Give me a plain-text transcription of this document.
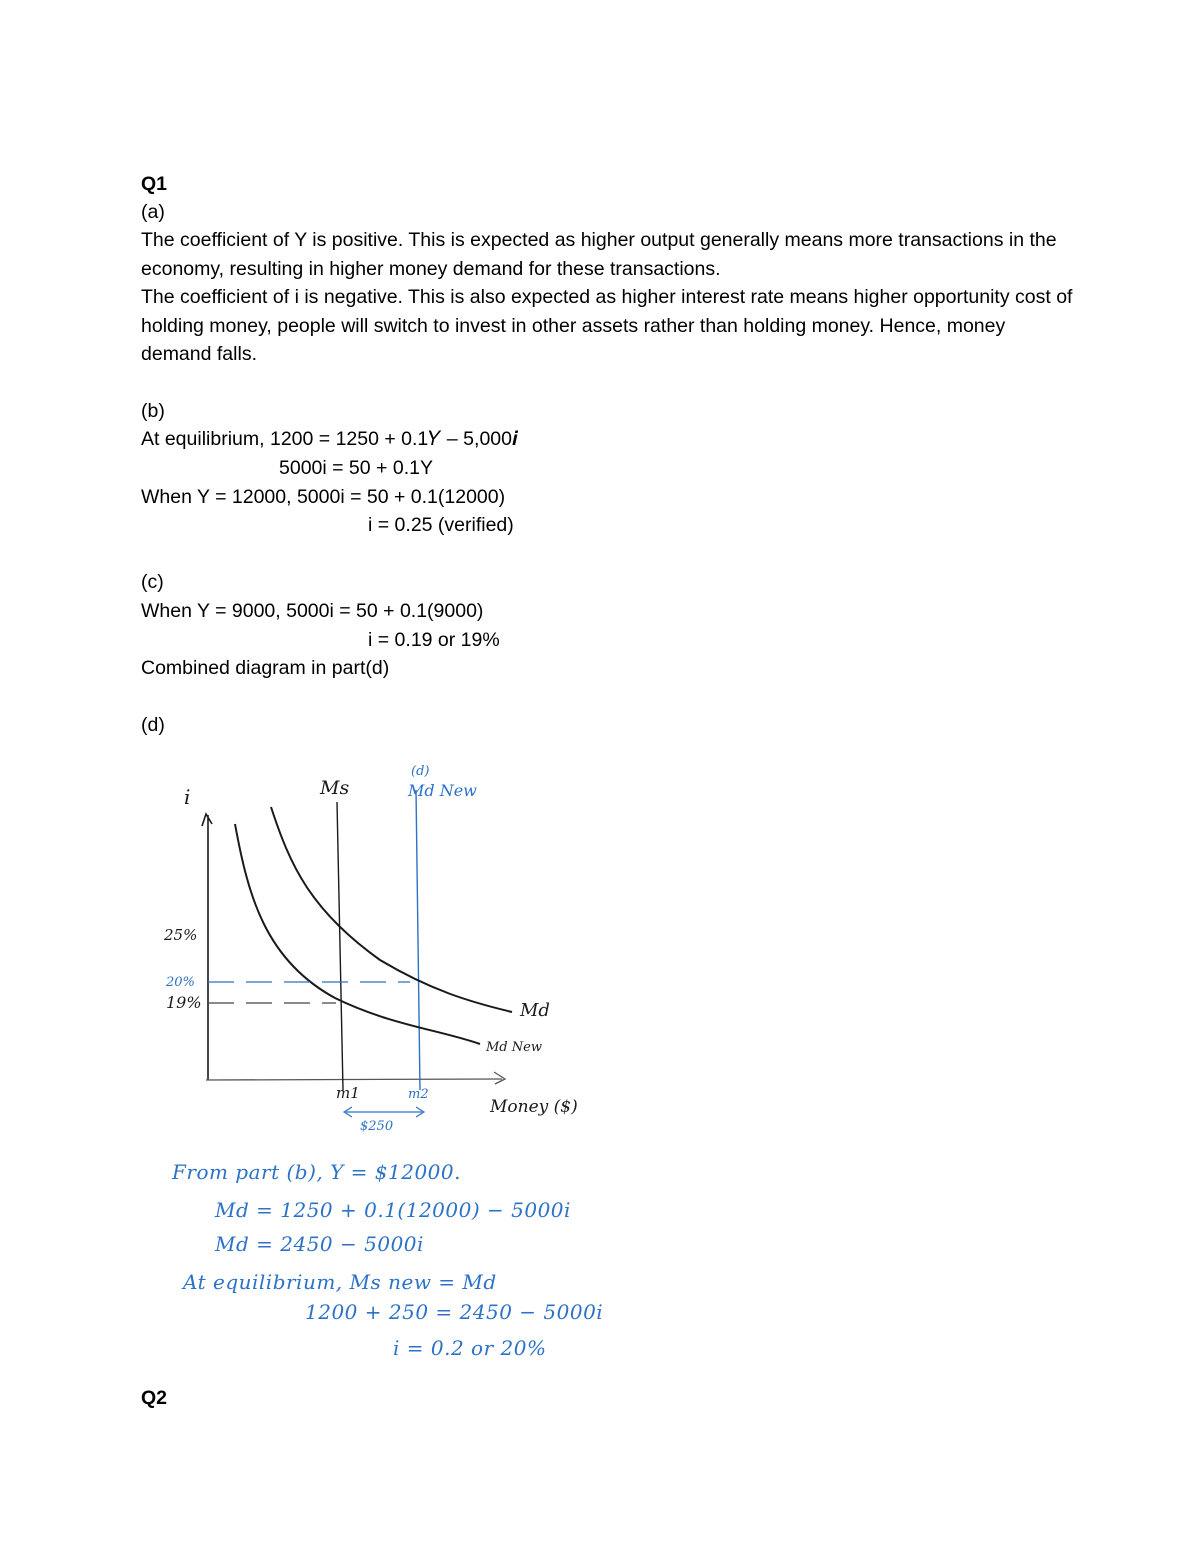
Q1
(a)

The coefficient of Y is positive. This is expected as higher output generally means more transactions in the economy, resulting in higher money demand for these transactions.

The coefficient of i is negative. This is also expected as higher interest rate means higher opportunity cost of holding money, people will switch to invest in other assets rather than holding money. Hence, money demand falls.

(b)
At equilibrium, 1200 = 1250 + 0.1𝑌 – 5,000𝒊
5000i = 50 + 0.1Y
When Y = 12000, 5000i = 50 + 0.1(12000)
i = 0.25 (verified)
(c)
When Y = 9000, 5000i = 50 + 0.1(9000)
i = 0.19 or 19%
Combined diagram in part(d)
(d)
i	Ms
(d)
Md New
Md
Md New
25%
20%
19%
m1	m2
$250
Money ($)
From part (b), Y = $12000.
Md = 1250 + 0.1(12000) − 5000i
Md = 2450 − 5000i
At equilibrium, Ms new = Md
1200 + 250 = 2450 − 5000i
i = 0.2 or 20%
Q2
